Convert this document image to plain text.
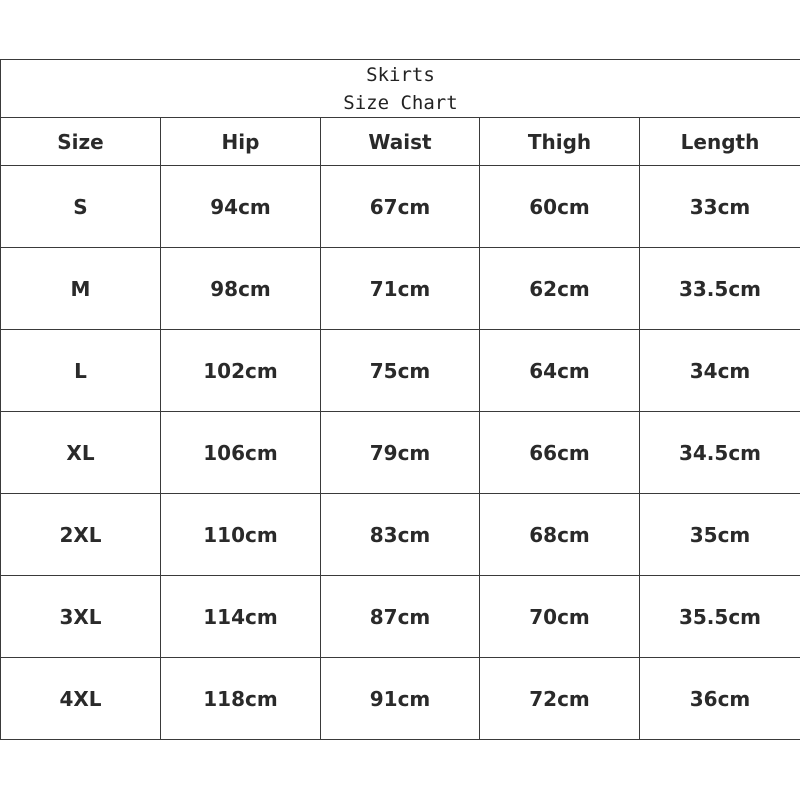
Skirts
Size Chart				

Size	Hip	Waist	Thigh	Length
S	94cm	67cm	60cm	33cm
M	98cm	71cm	62cm	33.5cm
L	102cm	75cm	64cm	34cm
XL	106cm	79cm	66cm	34.5cm
2XL	110cm	83cm	68cm	35cm
3XL	114cm	87cm	70cm	35.5cm
4XL	118cm	91cm	72cm	36cm
